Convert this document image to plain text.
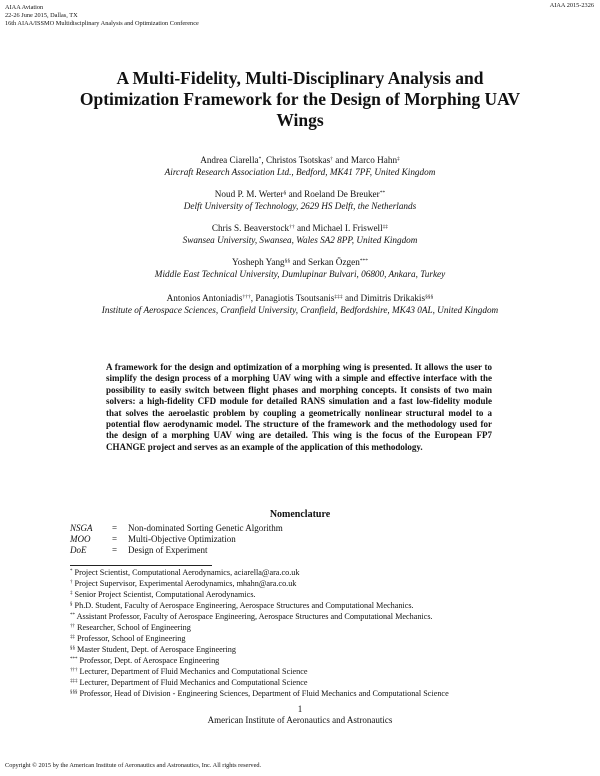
AIAA Aviation
22-26 June 2015, Dallas, TX
16th AIAA/ISSMO Multidisciplinary Analysis and Optimization Conference
AIAA 2015-2326
A Multi-Fidelity, Multi-Disciplinary Analysis and
Optimization Framework for the Design of Morphing UAV
Wings
Andrea Ciarella*, Christos Tsotskas† and Marco Hahn‡
Aircraft Research Association Ltd., Bedford, MK41 7PF, United Kingdom
Noud P. M. Werter§ and Roeland De Breuker**
Delft University of Technology, 2629 HS Delft, the Netherlands
Chris S. Beaverstock†† and Michael I. Friswell‡‡
Swansea University, Swansea, Wales SA2 8PP, United Kingdom
Yosheph Yang§§ and Serkan Özgen***
Middle East Technical University, Dumlupinar Bulvari, 06800, Ankara, Turkey
Antonios Antoniadis†††, Panagiotis Tsoutsanis‡‡‡ and Dimitris Drikakis§§§
Institute of Aerospace Sciences, Cranfield University, Cranfield, Bedfordshire, MK43 0AL, United Kingdom
A framework for the design and optimization of a morphing wing is presented. It allows the user to simplify the design process of a morphing UAV wing with a simple and effective interface with the possibility to easily switch between flight phases and morphing concepts. It consists of two main solvers: a high-fidelity CFD module for detailed RANS simulation and a fast low-fidelity module that solves the aeroelastic problem by coupling a geometrically nonlinear structural model to a potential flow aerodynamic model. The structure of the framework and the methodology used for the design of a morphing UAV wing are detailed. This wing is the focus of the European FP7 CHANGE project and serves as an example of the application of this methodology.
Nomenclature
NSGA = Non-dominated Sorting Genetic Algorithm
MOO = Multi-Objective Optimization
DoE	= Design of Experiment
* Project Scientist, Computational Aerodynamics, aciarella@ara.co.uk
† Project Supervisor, Experimental Aerodynamics, mhahn@ara.co.uk
‡ Senior Project Scientist, Computational Aerodynamics.
§ Ph.D. Student, Faculty of Aerospace Engineering, Aerospace Structures and Computational Mechanics.
** Assistant Professor, Faculty of Aerospace Engineering, Aerospace Structures and Computational Mechanics.
†† Researcher, School of Engineering
‡‡ Professor, School of Engineering
§§ Master Student, Dept. of Aerospace Engineering
*** Professor, Dept. of Aerospace Engineering
††† Lecturer, Department of Fluid Mechanics and Computational Science
‡‡‡ Lecturer, Department of Fluid Mechanics and Computational Science
§§§ Professor, Head of Division - Engineering Sciences, Department of Fluid Mechanics and Computational Science
1
American Institute of Aeronautics and Astronautics
Copyright © 2015 by the American Institute of Aeronautics and Astronautics, Inc. All rights reserved.
